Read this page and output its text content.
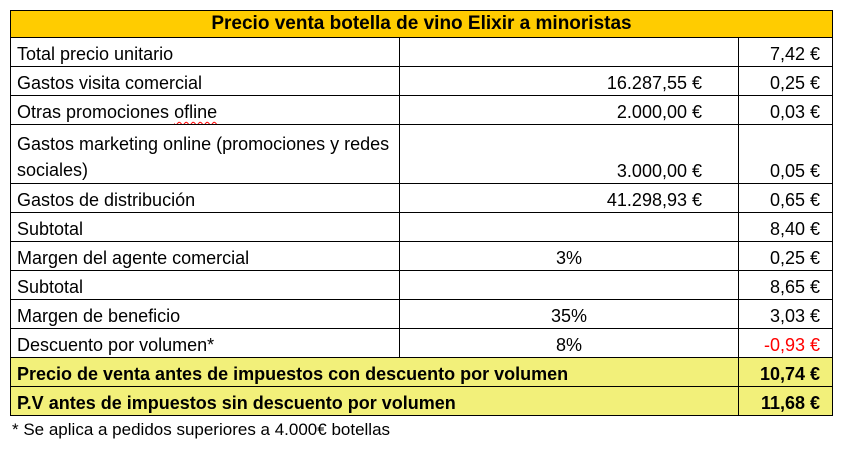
Precio venta botella de vino Elixir a minoristas		
Total precio unitario		7,42 €
Gastos visita comercial	16.287,55 €	0,25 €
Otras promociones ofline	2.000,00 €	0,03 €
Gastos marketing online (promociones y redes sociales)	3.000,00 €	0,05 €
Gastos de distribución	41.298,93 €	0,65 €
Subtotal		8,40 €
Margen del agente comercial	3%	0,25 €
Subtotal		8,65 €
Margen de beneficio	35%	3,03 €
Descuento por volumen*	8%	-0,93 €
Precio de venta antes de impuestos con descuento por volumen		10,74 €
P.V antes de impuestos sin descuento por volumen		11,68 €
* Se aplica a pedidos superiores a 4.000€ botellas
